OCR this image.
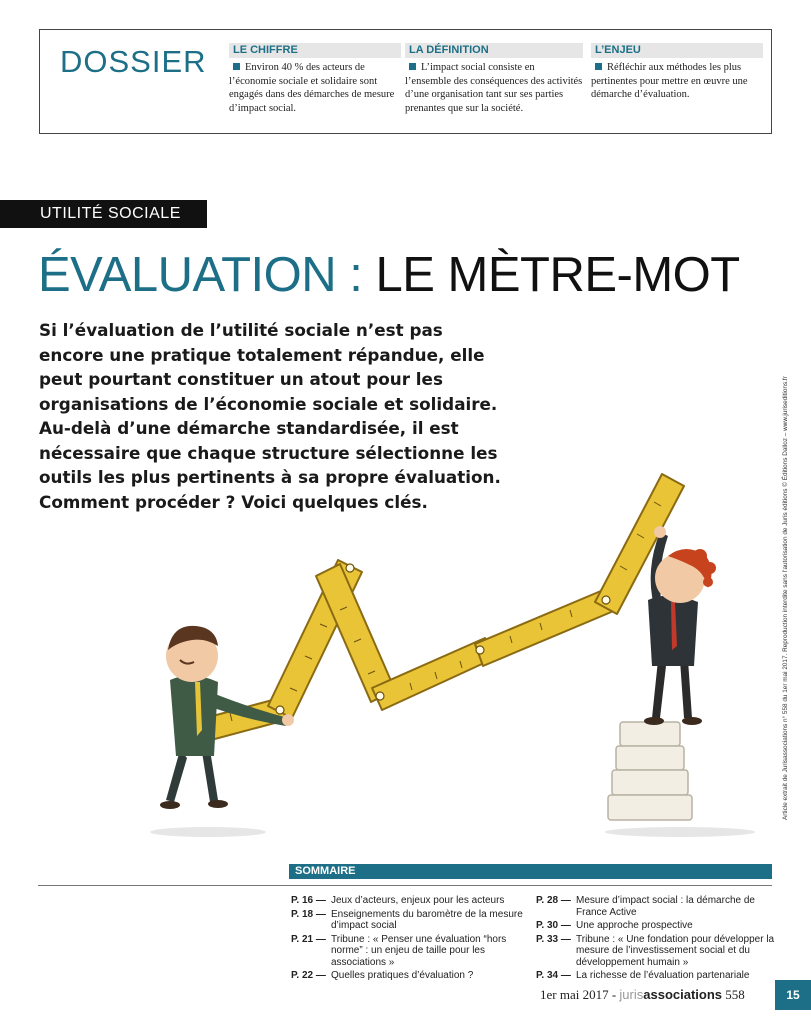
DOSSIER	LE CHIFFRE
Environ 40 % des acteurs de l’économie sociale et solidaire sont engagés dans des démarches de mesure d’impact social.
LA DÉFINITION
L’impact social consiste en l’ensemble des conséquences des activités d’une organisation tant sur ses parties prenantes que sur la société.
L’ENJEU
Réfléchir aux méthodes les plus pertinentes pour mettre en œuvre une démarche d’évaluation.
UTILITÉ SOCIALE
ÉVALUATION : LE MÈTRE-MOT
Article extrait de Jurisassociations n° 558 du 1er mai 2017. Reproduction interdite sans l’autorisation de Juris éditions © Éditions Dalloz – www.juriseditions.fr
Si l’évaluation de l’utilité sociale n’est pas encore une pratique totalement répandue, elle peut pourtant constituer un atout pour les organisations de l’économie sociale et solidaire. Au-delà d’une démarche standardisée, il est nécessaire que chaque structure sélectionne les outils les plus pertinents à sa propre évaluation. Comment procéder ? Voici quelques clés.
SOMMAIRE
P. 16 — Jeux d’acteurs, enjeux pour les acteurs
P. 18 — Enseignements du baromètre de la mesure d’impact social
P. 21 — Tribune : « Penser une évaluation “hors norme” : un enjeu de taille pour les associations »
P. 22 — Quelles pratiques d’évaluation ?
P. 28 — Mesure d’impact social : la démarche de France Active
P. 30 — Une approche prospective
P. 33 — Tribune : « Une fondation pour développer la mesure de l’investissement social et du développement humain »
P. 34 — La richesse de l’évaluation partenariale
1er mai 2017 - jurisassociations 558	15
